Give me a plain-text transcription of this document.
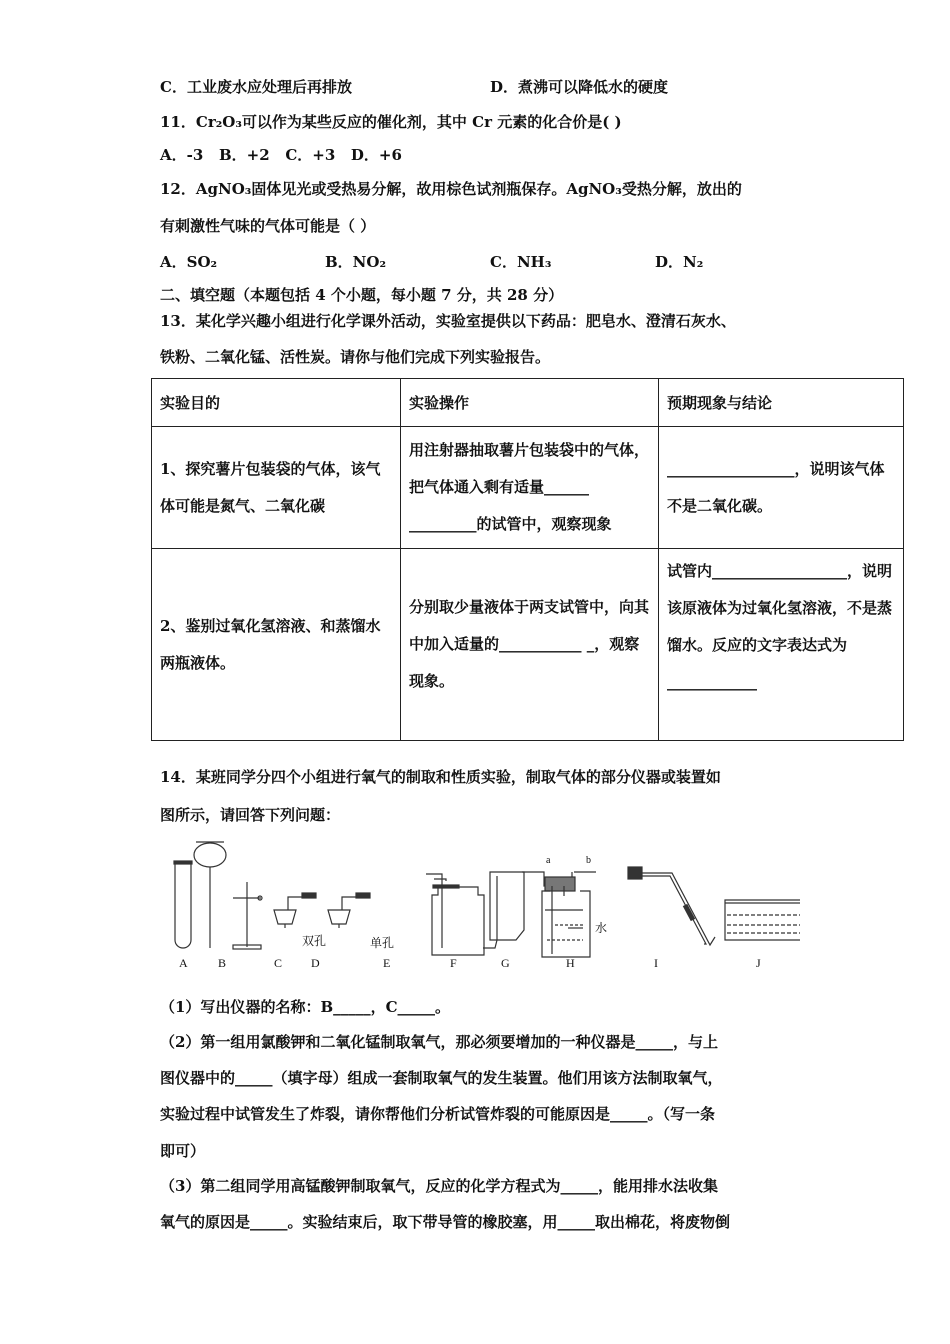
C．工业废水应处理后再排放	D．煮沸可以降低水的硬度
11．Cr₂O₃可以作为某些反应的催化剂，其中 Cr 元素的化合价是( )
A．-3   B．+2   C．+3   D．+6
12．AgNO₃固体见光或受热易分解，故用棕色试剂瓶保存。AgNO₃受热分解，放出的
有刺激性气味的气体可能是（ ）
A．SO₂	B．NO₂	C．NH₃	D．N₂
二、填空题（本题包括 4 个小题，每小题 7 分，共 28 分）
13．某化学兴趣小组进行化学课外活动，实验室提供以下药品：肥皂水、澄清石灰水、
铁粉、二氧化锰、活性炭。请你与他们完成下列实验报告。
实验目的	实验操作	预期现象与结论
1、探究薯片包装袋的气体，该气体可能是氮气、二氧化碳	用注射器抽取薯片包装袋中的气体，把气体通入剩有适量______ _________的试管中，观察现象	_________________，说明该气体不是二氧化碳。
2、鉴别过氧化氢溶液、和蒸馏水两瓶液体。	分别取少量液体于两支试管中，向其中加入适量的___________ _，观察现象。	试管内__________________，说明该原液体为过氧化氢溶液，不是蒸馏水。反应的文字表达式为____________
14．某班同学分四个小组进行氧气的制取和性质实验，制取气体的部分仪器或装置如
图所示，请回答下列问题：
双孔	单孔
水
a	b
A	B	C D	E	F	G	H	I	J
（1）写出仪器的名称：B_____，C_____。
（2）第一组用氯酸钾和二氧化锰制取氧气，那必须要增加的一种仪器是_____，与上
图仪器中的_____（填字母）组成一套制取氧气的发生装置。他们用该方法制取氧气，
实验过程中试管发生了炸裂，请你帮他们分析试管炸裂的可能原因是_____。（写一条
即可）
（3）第二组同学用高锰酸钾制取氧气，反应的化学方程式为_____，能用排水法收集
氧气的原因是_____。实验结束后，取下带导管的橡胶塞，用_____取出棉花，将废物倒
